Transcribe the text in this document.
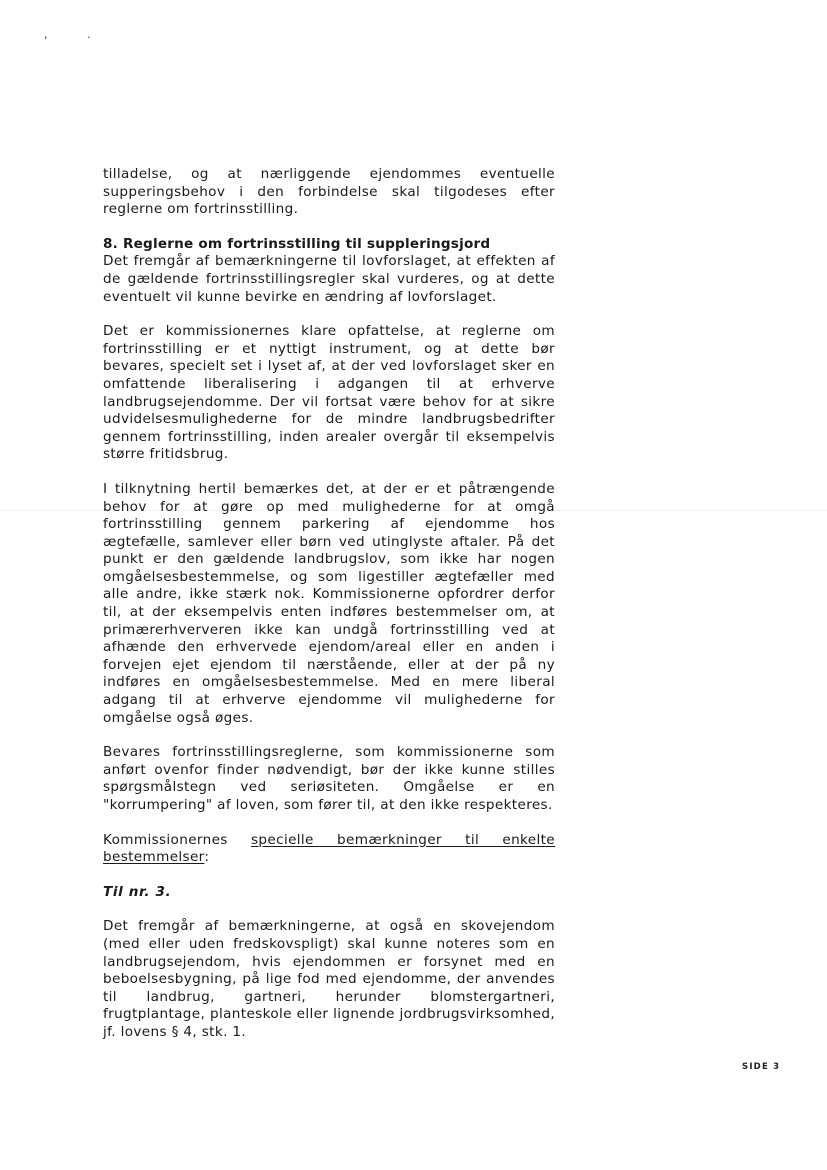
, .

tilladelse, og at nærliggende ejendommes eventuelle supperingsbehov i den forbindelse skal tilgodeses efter reglerne om fortrinsstilling.

8. Reglerne om fortrinsstilling til suppleringsjord

Det fremgår af bemærkningerne til lovforslaget, at effekten af de gældende fortrinsstillingsregler skal vurderes, og at dette eventuelt vil kunne bevirke en ændring af lovforslaget.

Det er kommissionernes klare opfattelse, at reglerne om fortrinsstilling er et nyttigt instrument, og at dette bør bevares, specielt set i lyset af, at der ved lovforslaget sker en omfattende liberalisering i adgangen til at erhverve landbrugsejendomme. Der vil fortsat være behov for at sikre udvidelsesmulighederne for de mindre landbrugsbedrifter gennem fortrinsstilling, inden arealer overgår til eksempelvis større fritidsbrug.

I tilknytning hertil bemærkes det, at der er et påtrængende behov for at gøre op med mulighederne for at omgå fortrinsstilling gennem parkering af ejendomme hos ægtefælle, samlever eller børn ved utinglyste aftaler. På det punkt er den gældende landbrugslov, som ikke har nogen omgåelsesbestemmelse, og som ligestiller ægtefæller med alle andre, ikke stærk nok. Kommissionerne opfordrer derfor til, at der eksempelvis enten indføres bestemmelser om, at primærerhververen ikke kan undgå fortrinsstilling ved at afhænde den erhvervede ejendom/areal eller en anden i forvejen ejet ejendom til nærstående, eller at der på ny indføres en omgåelsesbestemmelse. Med en mere liberal adgang til at erhverve ejendomme vil mulighederne for omgåelse også øges.

Bevares fortrinsstillingsreglerne, som kommissionerne som anført ovenfor finder nødvendigt, bør der ikke kunne stilles spørgsmålstegn ved seriøsiteten. Omgåelse er en "korrumpering" af loven, som fører til, at den ikke respekteres.

Kommissionernes specielle bemærkninger til enkelte bestemmelser:

Til nr. 3.

Det fremgår af bemærkningerne, at også en skovejendom (med eller uden fredskovspligt) skal kunne noteres som en landbrugsejendom, hvis ejendommen er forsynet med en beboelsesbygning, på lige fod med ejendomme, der anvendes til landbrug, gartneri, herunder blomstergartneri, frugtplantage, planteskole eller lignende jordbrugsvirksomhed, jf. lovens § 4, stk. 1.

SIDE 3
